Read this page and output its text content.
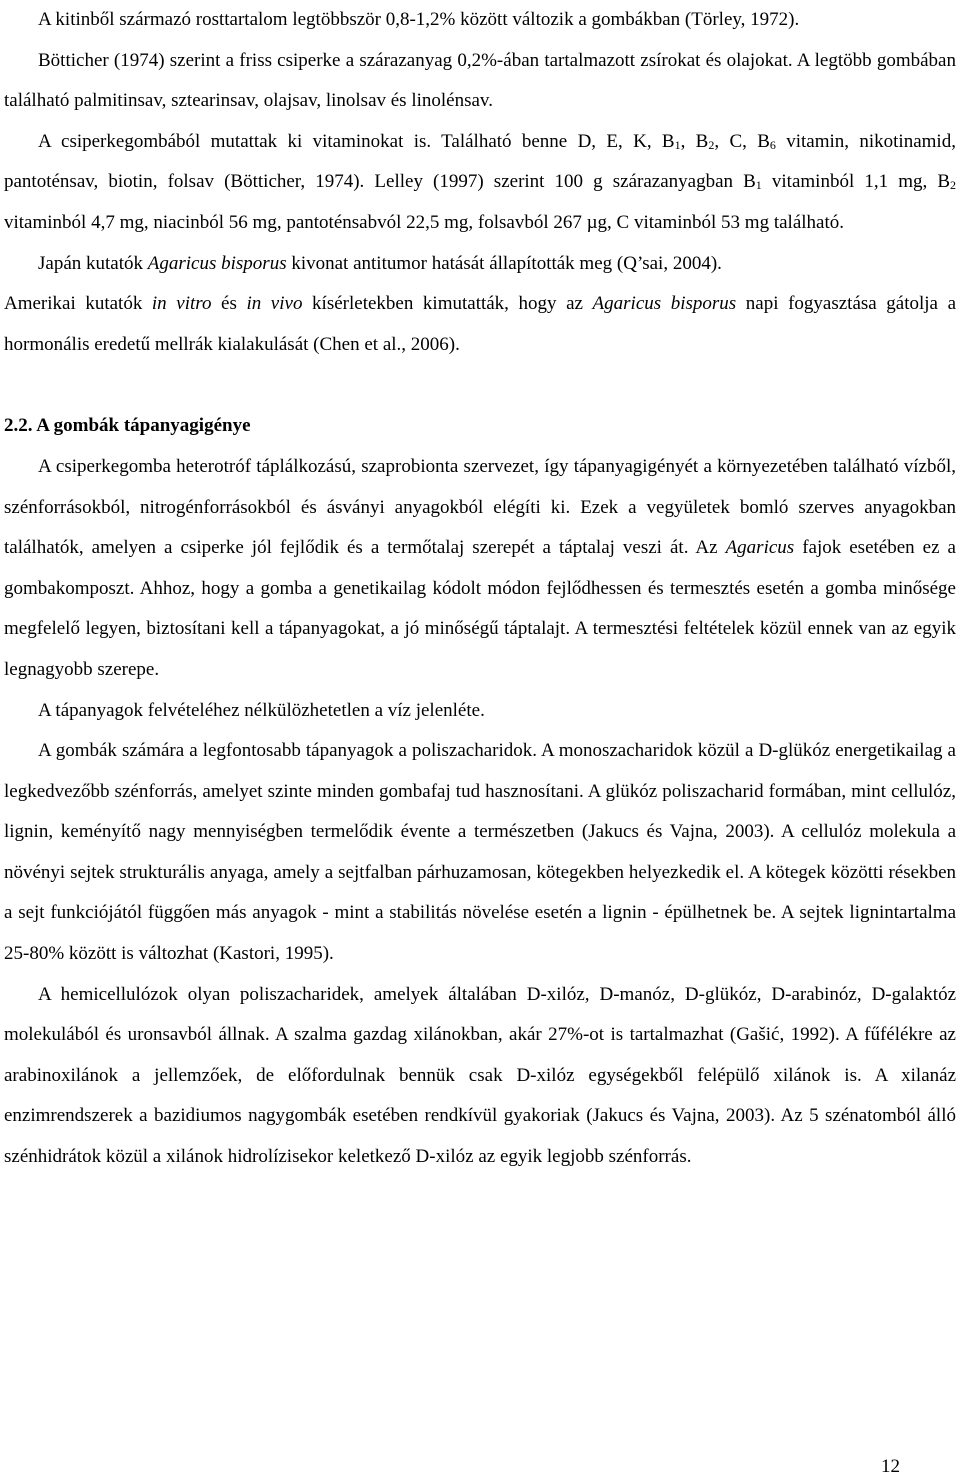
A kitinből származó rosttartalom legtöbbször 0,8-1,2% között változik a gombákban (Törley, 1972).

Bötticher (1974) szerint a friss csiperke a szárazanyag 0,2%-ában tartalmazott zsírokat és olajokat. A legtöbb gombában található palmitinsav, sztearinsav, olajsav, linolsav és linolénsav.

A csiperkegombából mutattak ki vitaminokat is. Található benne D, E, K, $B_1$, $B_2$, C, $B_6$ vitamin, nikotinamid, pantoténsav, biotin, folsav (Bötticher, 1974). Lelley (1997) szerint 100 g szárazanyagban $B_1$ vitaminból 1,1 mg, $B_2$ vitaminból 4,7 mg, niacinból 56 mg, pantoténsabvól 22,5 mg, folsavból 267 µg, C vitaminból 53 mg található.

Japán kutatók Agaricus bisporus kivonat antitumor hatását állapították meg (Q’sai, 2004).

Amerikai kutatók in vitro és in vivo kísérletekben kimutatták, hogy az Agaricus bisporus napi fogyasztása gátolja a hormonális eredetű mellrák kialakulását (Chen et al., 2006).

2.2. A gombák tápanyagigénye

A csiperkegomba heterotróf táplálkozású, szaprobionta szervezet, így tápanyagigényét a környezetében található vízből, szénforrásokból, nitrogénforrásokból és ásványi anyagokból elégíti ki. Ezek a vegyületek bomló szerves anyagokban találhatók, amelyen a csiperke jól fejlődik és a termőtalaj szerepét a táptalaj veszi át. Az Agaricus fajok esetében ez a gombakomposzt. Ahhoz, hogy a gomba a genetikailag kódolt módon fejlődhessen és termesztés esetén a gomba minősége megfelelő legyen, biztosítani kell a tápanyagokat, a jó minőségű táptalajt. A termesztési feltételek közül ennek van az egyik legnagyobb szerepe.

A tápanyagok felvételéhez nélkülözhetetlen a víz jelenléte.

A gombák számára a legfontosabb tápanyagok a poliszacharidok. A monoszacharidok közül a D-glükóz energetikailag a legkedvezőbb szénforrás, amelyet szinte minden gombafaj tud hasznosítani. A glükóz poliszacharid formában, mint cellulóz, lignin, keményítő nagy mennyiségben termelődik évente a természetben (Jakucs és Vajna, 2003). A cellulóz molekula a növényi sejtek strukturális anyaga, amely a sejtfalban párhuzamosan, kötegekben helyezkedik el. A kötegek közötti résekben a sejt funkciójától függően más anyagok - mint a stabilitás növelése esetén a lignin - épülhetnek be. A sejtek lignintartalma 25-80% között is változhat (Kastori, 1995).

A hemicellulózok olyan poliszacharidek, amelyek általában D-xilóz, D-manóz, D-glükóz, D-arabinóz, D-galaktóz molekulából és uronsavból állnak. A szalma gazdag xilánokban, akár 27%-ot is tartalmazhat (Gašić, 1992). A fűfélékre az arabinoxilánok a jellemzőek, de előfordulnak bennük csak D-xilóz egységekből felépülő xilánok is. A xilanáz enzimrendszerek a bazidiumos nagygombák esetében rendkívül gyakoriak (Jakucs és Vajna, 2003). Az 5 szénatomból álló szénhidrátok közül a xilánok hidrolízisekor keletkező D-xilóz az egyik legjobb szénforrás.

12
